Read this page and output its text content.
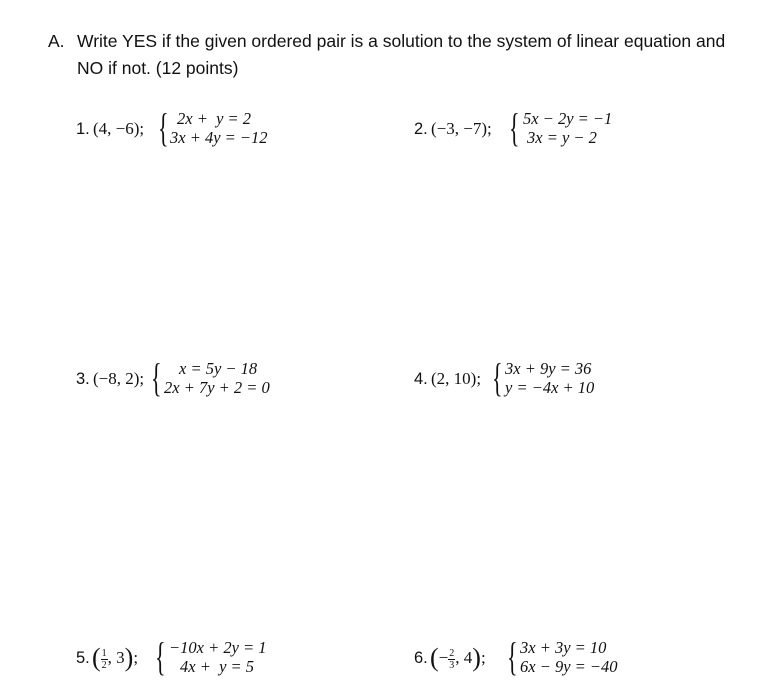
A. Write YES if the given ordered pair is a solution to the system of linear equation and NO if not. (12 points)
1. (4, −6); { 2x +  y = 2
3x + 4y = −12	2. (−3, −7); { 5x − 2y = −1
3x = y − 2
3. (−8, 2); { x = 5y − 18
2x + 7y + 2 = 0	4. (2, 10); { 3x + 9y = 36
y = −4x + 10
5. ( $\frac{1}{2}$ , 3); { −10x + 2y = 1
4x +  y = 5	6. (− $\frac{2}{3}$ , 4); { 3x + 3y = 10
6x − 9y = −40
